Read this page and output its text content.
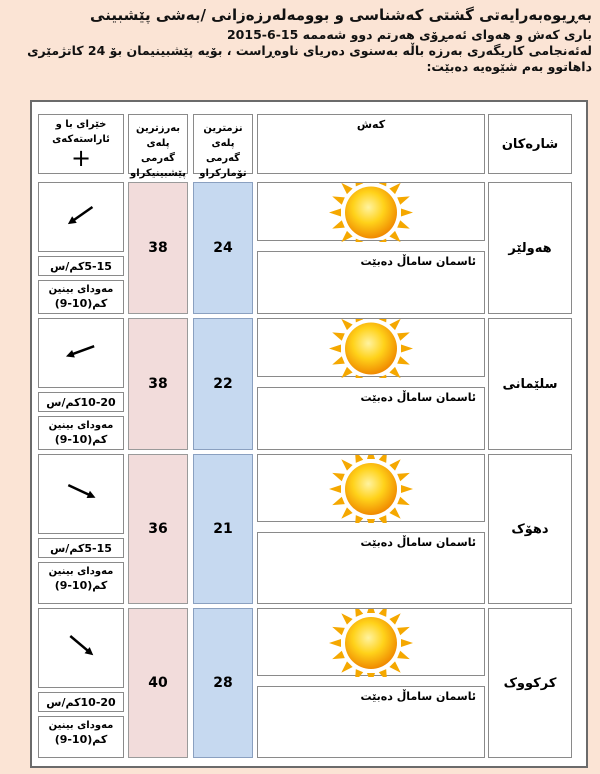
بەڕیوەبەرایەتی گشتی کەشناسی و بوومەلەرزەزانی /بەشی پێشبینی
باری کەش و هەوای ئەمڕۆی هەرتم دوو شەممە 15-6-2015
لەئەنجامی کاریگەری بەرزە باڵە بەسنوی دەریای ناوەڕاست ، بۆیە پێشبینیمان بۆ 24 کاتژمێری
داهاتوو بەم شێوەیە دەبێت:
شارەکان
کەش
نزمترین
پلەی گەرمی
تۆمارکراو
بەرزترین
پلەی گەرمی
پێشبینیکراو
خێرای با و
ئاراستەکەی
+
هەولێر
ئاسمان ساماڵ دەبێت
24
38
5-15کم/س
مەودای بینین
(9-10)کم
سلێمانی
ئاسمان ساماڵ دەبێت
22
38
10-20کم/س
مەودای بینین
(9-10)کم
دهۆک
ئاسمان ساماڵ دەبێت
21
36
5-15کم/س
مەودای بینین
(9-10)کم
کرکووک
ئاسمان ساماڵ دەبێت
28
40
10-20کم/س
مەودای بینین
(9-10)کم
